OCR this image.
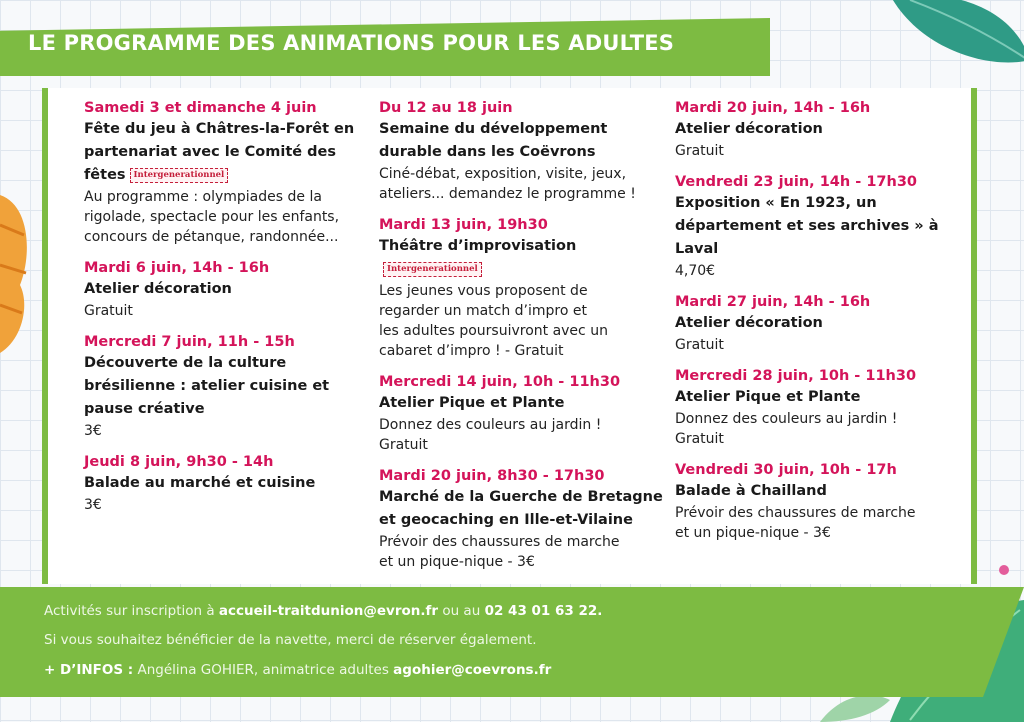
LE PROGRAMME DES ANIMATIONS POUR LES ADULTES
Samedi 3 et dimanche 4 juin
Fête du jeu à Châtres-la-Forêt en
partenariat avec le Comité des
fêtes Intergenerationnel
Au programme : olympiades de la
rigolade, spectacle pour les enfants,
concours de pétanque, randonnée...
Mardi 6 juin, 14h - 16h
Atelier décoration
Gratuit
Mercredi 7 juin, 11h - 15h
Découverte de la culture
brésilienne : atelier cuisine et
pause créative
3€
Jeudi 8 juin, 9h30 - 14h
Balade au marché et cuisine
3€
Du 12 au 18 juin
Semaine du développement
durable dans les Coëvrons
Ciné-débat, exposition, visite, jeux,
ateliers... demandez le programme !
Mardi 13 juin, 19h30
Théâtre d’improvisationIntergenerationnel
Les jeunes vous proposent de
regarder un match d’impro et
les adultes poursuivront avec un
cabaret d’impro ! - Gratuit
Mercredi 14 juin, 10h - 11h30
Atelier Pique et Plante
Donnez des couleurs au jardin !
Gratuit
Mardi 20 juin, 8h30 - 17h30
Marché de la Guerche de Bretagne
et geocaching en Ille-et-Vilaine
Prévoir des chaussures de marche
et un pique-nique - 3€
Mardi 20 juin, 14h - 16h
Atelier décoration
Gratuit
Vendredi 23 juin, 14h - 17h30
Exposition « En 1923, un
département et ses archives » à
Laval
4,70€
Mardi 27 juin, 14h - 16h
Atelier décoration
Gratuit
Mercredi 28 juin, 10h - 11h30
Atelier Pique et Plante
Donnez des couleurs au jardin !
Gratuit
Vendredi 30 juin, 10h - 17h
Balade à Chailland
Prévoir des chaussures de marche
et un pique-nique - 3€
Activités sur inscription à accueil-traitdunion@evron.fr ou au 02 43 01 63 22.
Si vous souhaitez bénéficier de la navette, merci de réserver également.
+ D’INFOS : Angélina GOHIER, animatrice adultes agohier@coevrons.fr
